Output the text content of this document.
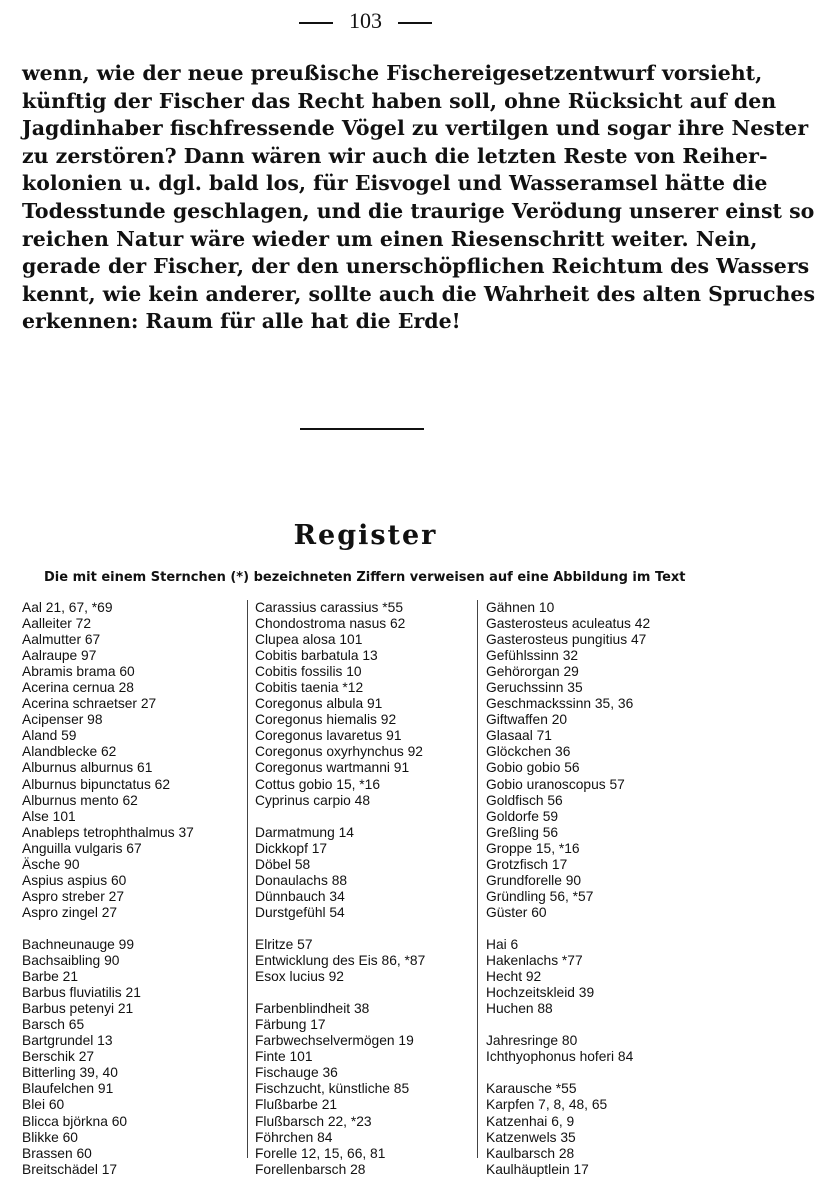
103
wenn, wie der neue preußische Fischereigesetzentwurf vorsieht,
künftig der Fischer das Recht haben soll, ohne Rücksicht auf den
Jagdinhaber fischfressende Vögel zu vertilgen und sogar ihre Nester
zu zerstören? Dann wären wir auch die letzten Reste von Reiher-
kolonien u. dgl. bald los, für Eisvogel und Wasseramsel hätte die
Todesstunde geschlagen, und die traurige Verödung unserer einst so
reichen Natur wäre wieder um einen Riesenschritt weiter. Nein,
gerade der Fischer, der den unerschöpflichen Reichtum des Wassers
kennt, wie kein anderer, sollte auch die Wahrheit des alten Spruches
erkennen: Raum für alle hat die Erde!
Register
Die mit einem Sternchen (*) bezeichneten Ziffern verweisen auf eine Abbildung im Text
Aal 21, 67, *69
Aalleiter 72
Aalmutter 67
Aalraupe 97
Abramis brama 60
Acerina cernua 28
Acerina schraetser 27
Acipenser 98
Aland 59
Alandblecke 62
Alburnus alburnus 61
Alburnus bipunctatus 62
Alburnus mento 62
Alse 101
Anableps tetrophthalmus 37
Anguilla vulgaris 67
Äsche 90
Aspius aspius 60
Aspro streber 27
Aspro zingel 27
Bachneunauge 99
Bachsaibling 90
Barbe 21
Barbus fluviatilis 21
Barbus petenyi 21
Barsch 65
Bartgrundel 13
Berschik 27
Bitterling 39, 40
Blaufelchen 91
Blei 60
Blicca björkna 60
Blikke 60
Brassen 60
Breitschädel 17
Carassius carassius *55
Chondostroma nasus 62
Clupea alosa 101
Cobitis barbatula 13
Cobitis fossilis 10
Cobitis taenia *12
Coregonus albula 91
Coregonus hiemalis 92
Coregonus lavaretus 91
Coregonus oxyrhynchus 92
Coregonus wartmanni 91
Cottus gobio 15, *16
Cyprinus carpio 48
Darmatmung 14
Dickkopf 17
Döbel 58
Donaulachs 88
Dünnbauch 34
Durstgefühl 54
Elritze 57
Entwicklung des Eis 86, *87
Esox lucius 92
Farbenblindheit 38
Färbung 17
Farbwechselvermögen 19
Finte 101
Fischauge 36
Fischzucht, künstliche 85
Flußbarbe 21
Flußbarsch 22, *23
Föhrchen 84
Forelle 12, 15, 66, 81
Forellenbarsch 28
Gähnen 10
Gasterosteus aculeatus 42
Gasterosteus pungitius 47
Gefühlssinn 32
Gehörorgan 29
Geruchssinn 35
Geschmackssinn 35, 36
Giftwaffen 20
Glasaal 71
Glöckchen 36
Gobio gobio 56
Gobio uranoscopus 57
Goldfisch 56
Goldorfe 59
Greßling 56
Groppe 15, *16
Grotzfisch 17
Grundforelle 90
Gründling 56, *57
Güster 60
Hai 6
Hakenlachs *77
Hecht 92
Hochzeitskleid 39
Huchen 88
Jahresringe 80
Ichthyophonus hoferi 84
Karausche *55
Karpfen 7, 8, 48, 65
Katzenhai 6, 9
Katzenwels 35
Kaulbarsch 28
Kaulhäuptlein 17
